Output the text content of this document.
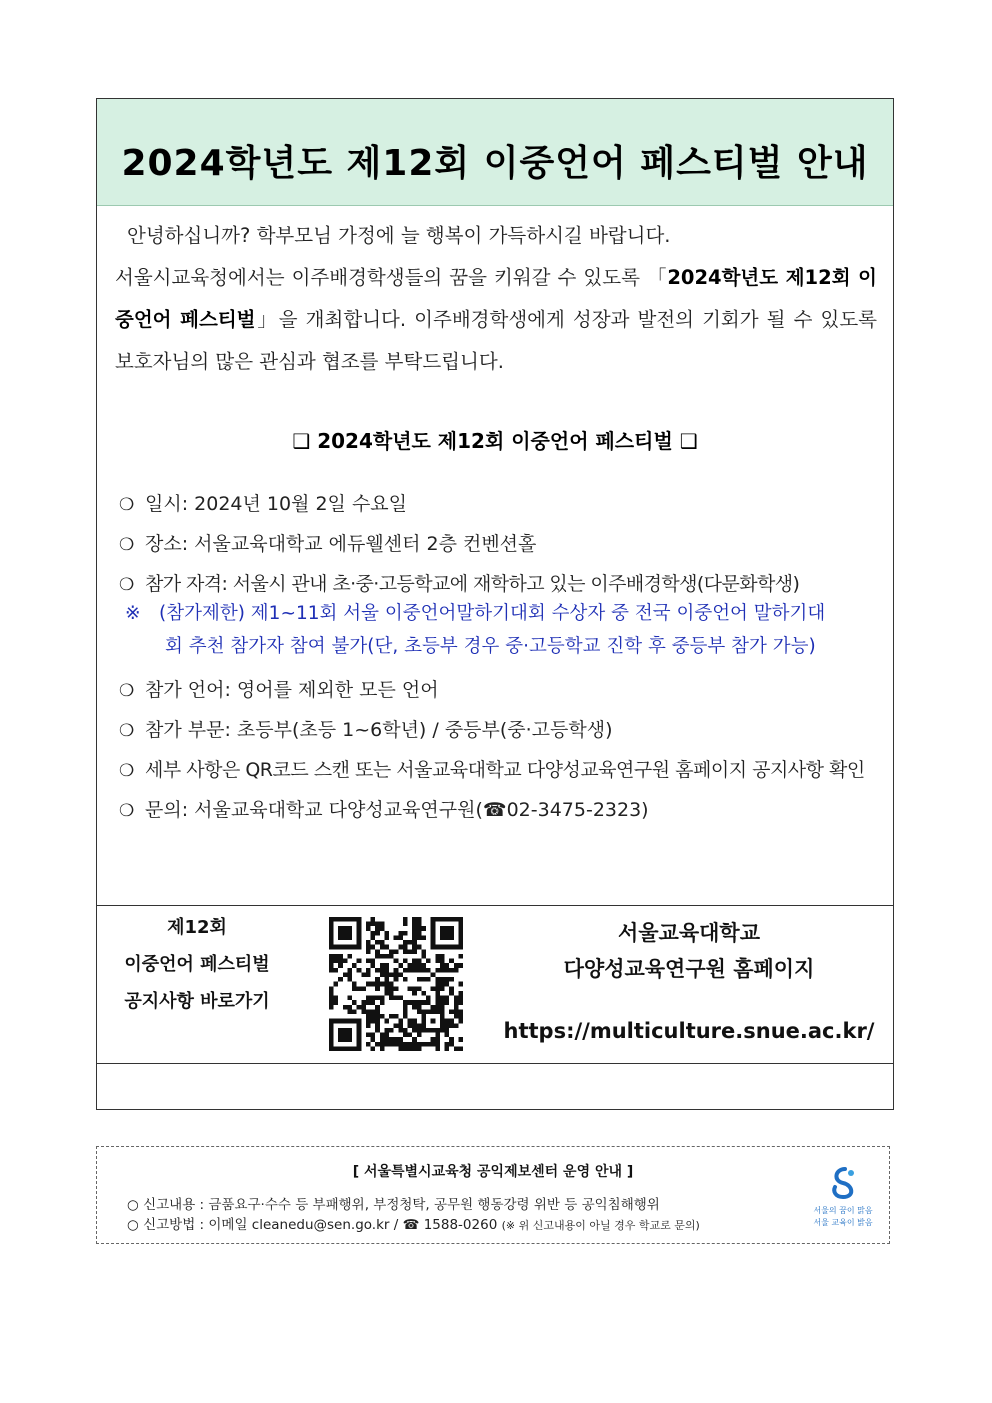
2024학년도 제12회 이중언어 페스티벌 안내

안녕하십니까? 학부모님 가정에 늘 행복이 가득하시길 바랍니다.

서울시교육청에서는 이주배경학생들의 꿈을 키워갈 수 있도록 「2024학년도 제12회 이중언어 페스티벌」을 개최합니다. 이주배경학생에게 성장과 발전의 기회가 될 수 있도록 보호자님의 많은 관심과 협조를 부탁드립니다.

❑ 2024학년도 제12회 이중언어 페스티벌 ❑
❍ 일시: 2024년 10월 2일 수요일
❍ 장소: 서울교육대학교 에듀웰센터 2층 컨벤션홀
❍ 참가 자격: 서울시 관내 초·중·고등학교에 재학하고 있는 이주배경학생(다문화학생)
※ (참가제한) 제1~11회 서울 이중언어말하기대회 수상자 중 전국 이중언어 말하기대
회 추천 참가자 참여 불가(단, 초등부 경우 중·고등학교 진학 후 중등부 참가 가능)
❍ 참가 언어: 영어를 제외한 모든 언어
❍ 참가 부문: 초등부(초등 1~6학년) / 중등부(중·고등학생)
❍ 세부 사항은 QR코드 스캔 또는 서울교육대학교 다양성교육연구원 홈페이지 공지사항 확인
❍ 문의: 서울교육대학교 다양성교육연구원(☎02-3475-2323)
제12회
이중언어 페스티벌
공지사항 바로가기
서울교육대학교
다양성교육연구원 홈페이지
https://multiculture.snue.ac.kr/
[ 서울특별시교육청 공익제보센터 운영 안내 ]
○ 신고내용 : 금품요구·수수 등 부패행위, 부정청탁, 공무원 행동강령 위반 등 공익침해행위
○ 신고방법 : 이메일 cleanedu@sen.go.kr / ☎ 1588-0260 (※ 위 신고내용이 아닐 경우 학교로 문의)
서울의 꿈이 맑음
서울 교육이 밝음
